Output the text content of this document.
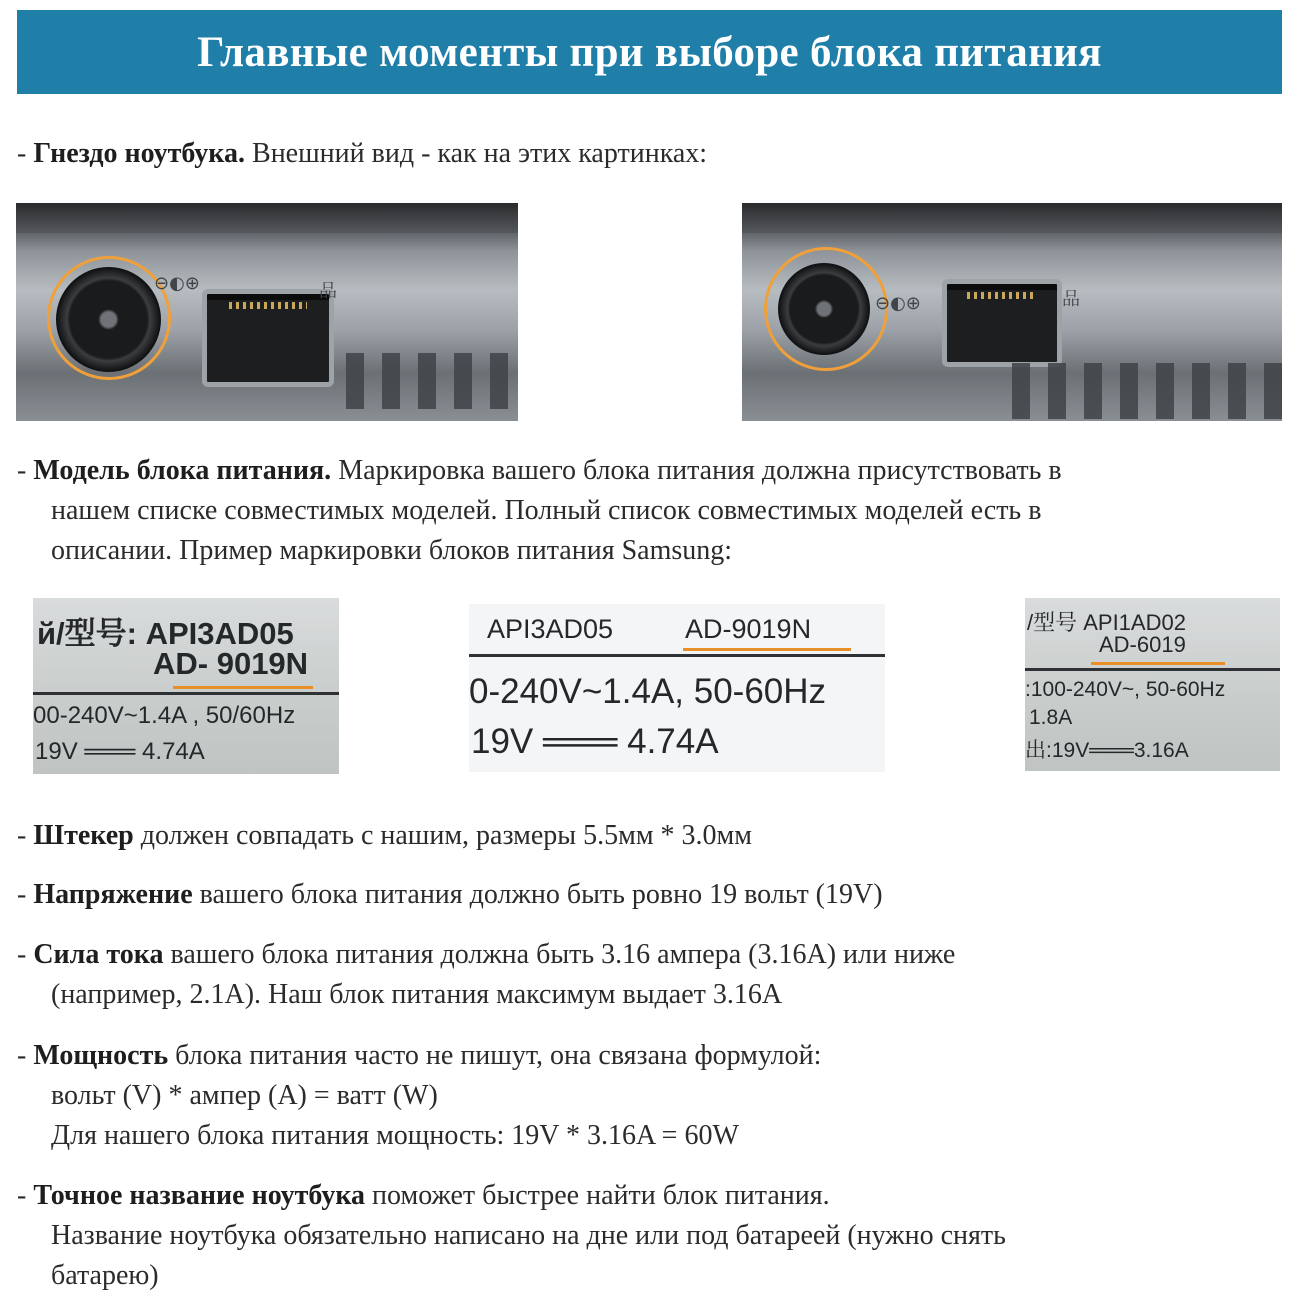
Главные моменты при выборе блока питания
- Гнездо ноутбука. Внешний вид - как на этих картинках:
⊖◐⊕	品
⊖◐⊕	品
- Модель блока питания. Маркировка вашего блока питания должна присутствовать в
нашем списке совместимых моделей. Полный список совместимых моделей есть в
описании. Пример маркировки блоков питания Samsung:
й/型号: API3AD05
AD- 9019N
00-240V~1.4A , 50/60Hz
19V ═══ 4.74A
API3AD05	AD-9019N
0-240V~1.4A, 50-60Hz
19V ═══ 4.74A
/型号 API1AD02
AD-6019
:100-240V~, 50-60Hz
1.8A
出:19V═══3.16A
- Штекер должен совпадать с нашим, размеры 5.5мм * 3.0мм
- Напряжение вашего блока питания должно быть ровно 19 вольт (19V)
- Сила тока вашего блока питания должна быть 3.16 ампера (3.16A) или ниже
(например, 2.1A). Наш блок питания максимум выдает 3.16A
- Мощность блока питания часто не пишут, она связана формулой:
вольт (V) * ампер (A) = ватт (W)
Для нашего блока питания мощность: 19V * 3.16A = 60W
- Точное название ноутбука поможет быстрее найти блок питания.
Название ноутбука обязательно написано на дне или под батареей (нужно снять
батарею)
